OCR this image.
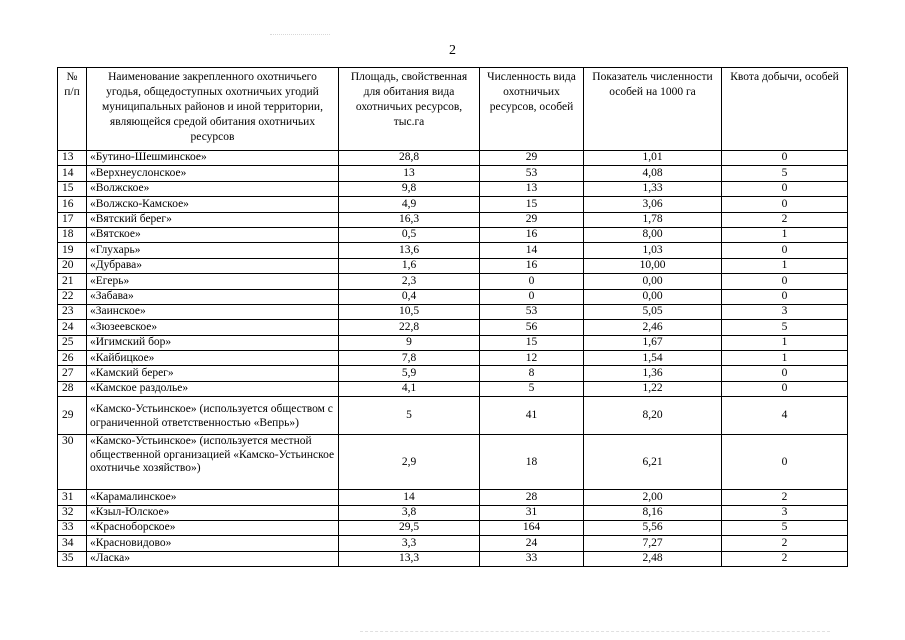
2
№ п/п	Наименование закрепленного охотничьего угодья, общедоступных охотничьих угодий муниципальных районов и иной территории, являющейся средой обитания охотничьих ресурсов	Площадь, свойственная для обитания вида охотничьих ресурсов, тыс.га	Численность вида охотничьих ресурсов, особей	Показатель численности особей на 1000 га	Квота добычи, особей
13	«Бутино-Шешминское»	28,8	29	1,01	0
14	«Верхнеуслонское»	13	53	4,08	5
15	«Волжское»	9,8	13	1,33	0
16	«Волжско-Камское»	4,9	15	3,06	0
17	«Вятский берег»	16,3	29	1,78	2
18	«Вятское»	0,5	16	8,00	1
19	«Глухарь»	13,6	14	1,03	0
20	«Дубрава»	1,6	16	10,00	1
21	«Егерь»	2,3	0	0,00	0
22	«Забава»	0,4	0	0,00	0
23	«Заинское»	10,5	53	5,05	3
24	«Зюзеевское»	22,8	56	2,46	5
25	«Игимский бор»	9	15	1,67	1
26	«Кайбицкое»	7,8	12	1,54	1
27	«Камский берег»	5,9	8	1,36	0
28	«Камское раздолье»	4,1	5	1,22	0
29	«Камско-Устьинское» (используется обществом с ограниченной ответственностью «Вепрь»)	5	41	8,20	4
30	«Камско-Устьинское» (используется местной общественной организацией «Камско-Устьинское охотничье хозяйство»)	2,9	18	6,21	0
31	«Карамалинское»	14	28	2,00	2
32	«Кзыл-Юлское»	3,8	31	8,16	3
33	«Красноборское»	29,5	164	5,56	5
34	«Красновидово»	3,3	24	7,27	2
35	«Ласка»	13,3	33	2,48	2
